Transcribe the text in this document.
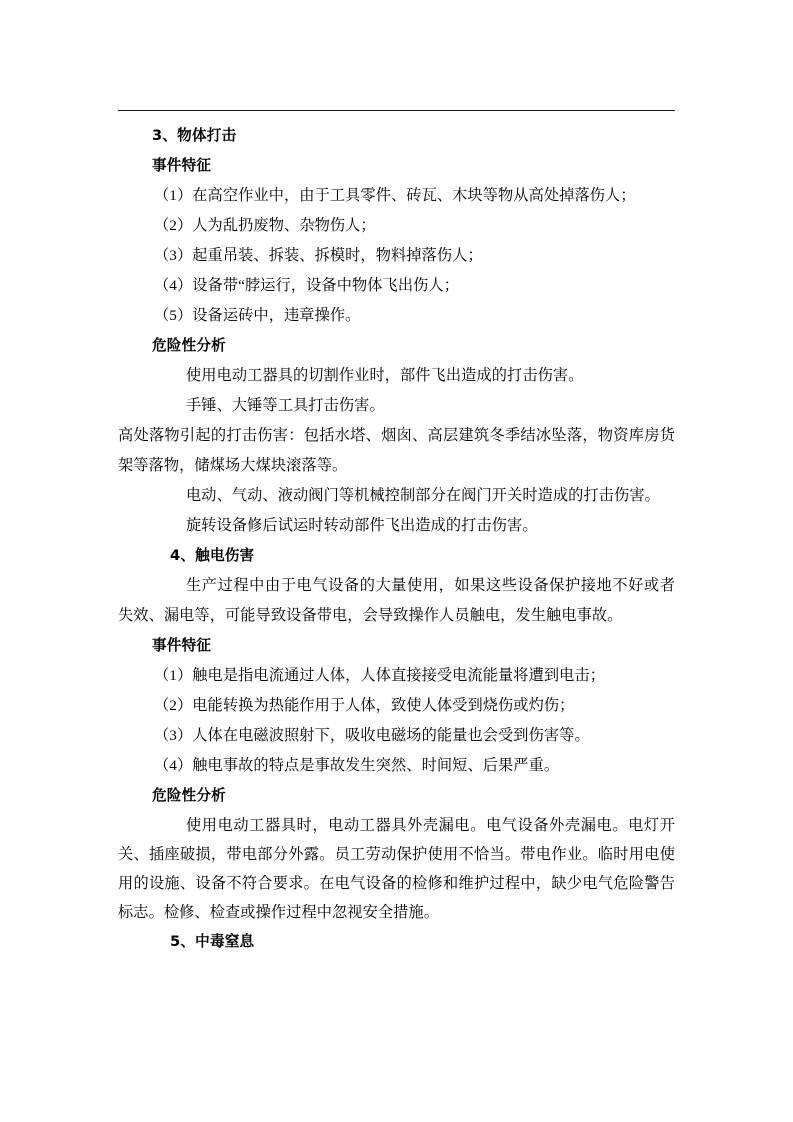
3、物体打击
事件特征

（1）在高空作业中，由于工具零件、砖瓦、木块等物从高处掉落伤人；

（2）人为乱扔废物、杂物伤人；

（3）起重吊装、拆装、拆模时，物料掉落伤人；

（4）设备带“脖运行，设备中物体飞出伤人；

（5）设备运砖中，违章操作。

危险性分析

使用电动工器具的切割作业时，部件飞出造成的打击伤害。

手锤、大锤等工具打击伤害。

高处落物引起的打击伤害：包括水塔、烟囱、高层建筑冬季结冰坠落，物资库房货架等落物，储煤场大煤块滚落等。

电动、气动、液动阀门等机械控制部分在阀门开关时造成的打击伤害。

旋转设备修后试运时转动部件飞出造成的打击伤害。

4、触电伤害

生产过程中由于电气设备的大量使用，如果这些设备保护接地不好或者失效、漏电等，可能导致设备带电，会导致操作人员触电，发生触电事故。

事件特征

（1）触电是指电流通过人体，人体直接接受电流能量将遭到电击；

（2）电能转换为热能作用于人体，致使人体受到烧伤或灼伤；

（3）人体在电磁波照射下，吸收电磁场的能量也会受到伤害等。

（4）触电事故的特点是事故发生突然、时间短、后果严重。

危险性分析

使用电动工器具时，电动工器具外壳漏电。电气设备外壳漏电。电灯开关、插座破损，带电部分外露。员工劳动保护使用不恰当。带电作业。临时用电使用的设施、设备不符合要求。在电气设备的检修和维护过程中，缺少电气危险警告标志。检修、检查或操作过程中忽视安全措施。

5、中毒窒息
